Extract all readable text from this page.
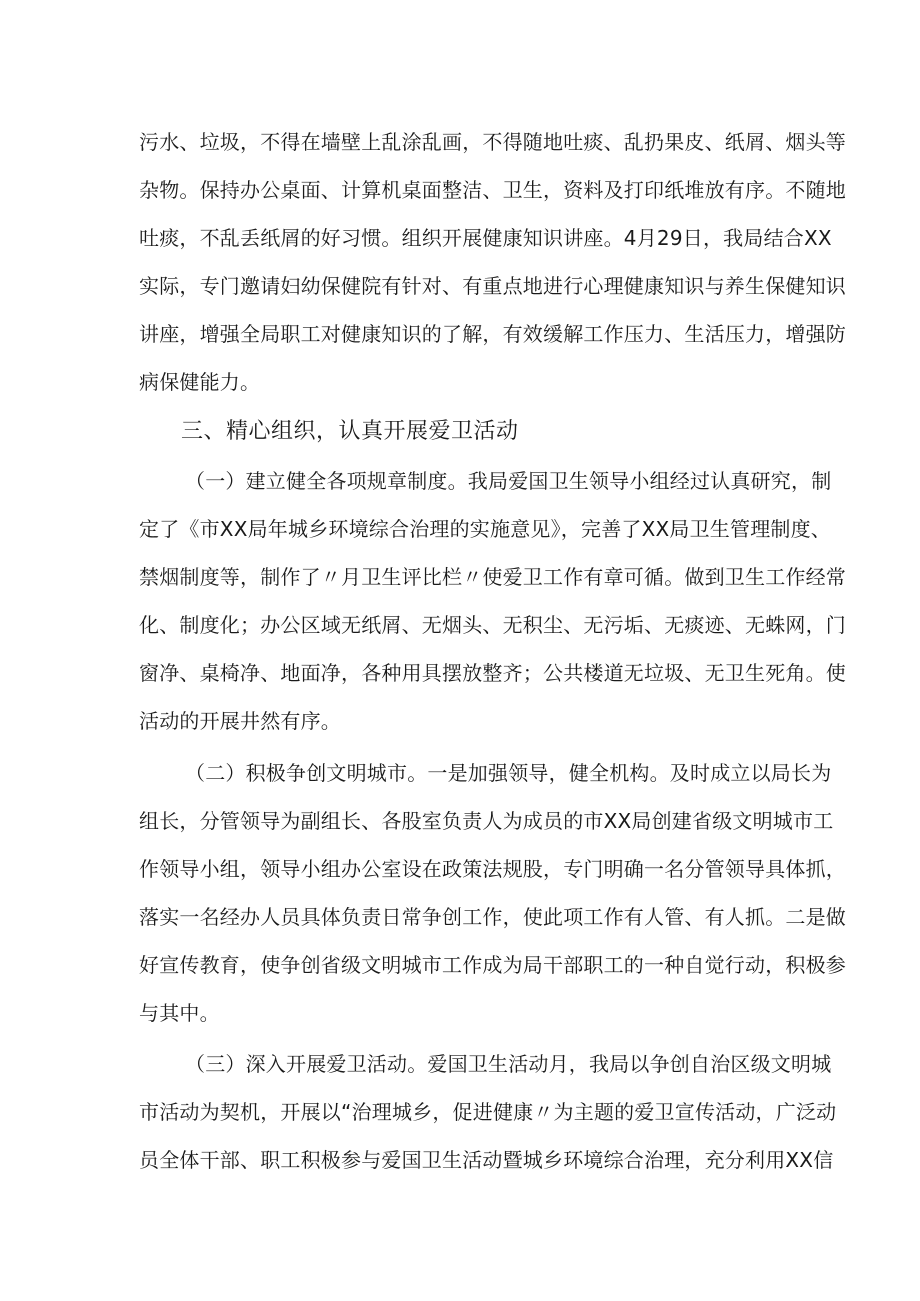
污水、垃圾，不得在墙壁上乱涂乱画，不得随地吐痰、乱扔果皮、纸屑、烟头等
杂物。保持办公桌面、计算机桌面整洁、卫生，资料及打印纸堆放有序。不随地
吐痰，不乱丢纸屑的好习惯。组织开展健康知识讲座。4月29日，我局结合XX
实际，专门邀请妇幼保健院有针对、有重点地进行心理健康知识与养生保健知识
讲座，增强全局职工对健康知识的了解，有效缓解工作压力、生活压力，增强防
病保健能力。
三、精心组织，认真开展爱卫活动
（一）建立健全各项规章制度。我局爱国卫生领导小组经过认真研究，制
定了《市XX局年城乡环境综合治理的实施意见》，完善了XX局卫生管理制度、
禁烟制度等，制作了〃月卫生评比栏〃使爱卫工作有章可循。做到卫生工作经常
化、制度化；办公区域无纸屑、无烟头、无积尘、无污垢、无痰迹、无蛛网，门
窗净、桌椅净、地面净，各种用具摆放整齐；公共楼道无垃圾、无卫生死角。使
活动的开展井然有序。
（二）积极争创文明城市。一是加强领导，健全机构。及时成立以局长为
组长，分管领导为副组长、各股室负责人为成员的市XX局创建省级文明城市工
作领导小组，领导小组办公室设在政策法规股，专门明确一名分管领导具体抓，
落实一名经办人员具体负责日常争创工作，使此项工作有人管、有人抓。二是做
好宣传教育，使争创省级文明城市工作成为局干部职工的一种自觉行动，积极参
与其中。
（三）深入开展爱卫活动。爱国卫生活动月，我局以争创自治区级文明城
市活动为契机，开展以“治理城乡，促进健康〃为主题的爱卫宣传活动，广泛动
员全体干部、职工积极参与爱国卫生活动暨城乡环境综合治理，充分利用XX信
